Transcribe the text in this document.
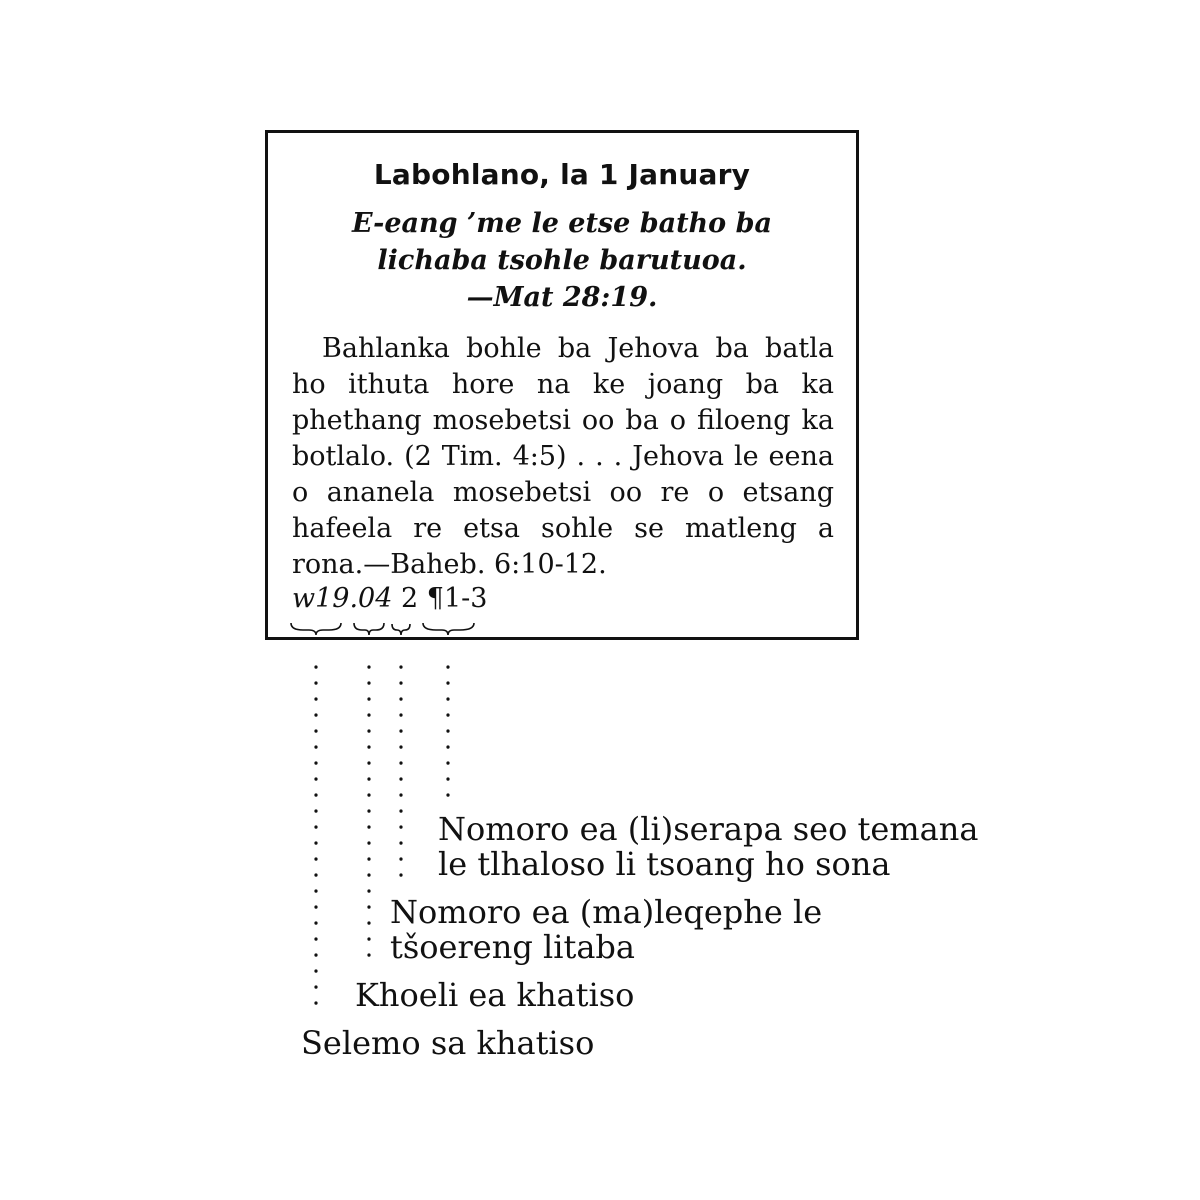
Labohlano, la 1 January
E-eang ’me le etse batho ba
lichaba tsohle barutuoa.
—Mat 28:19.
Bahlanka bohle ba Jehova ba batla ho ithuta hore na ke joang ba ka phethang mosebetsi oo ba o filoeng ka botlalo. (2 Tim. 4:5) . . . Jehova le eena o ananela mosebetsi oo re o etsang hafeela re etsa sohle se matleng a rona.—Baheb. 6:10-12.
w19.04 2 ¶1-3
Nomoro ea (li)serapa seo temana
le tlhaloso li tsoang ho sona
Nomoro ea (ma)leqephe le
tšoereng litaba
Khoeli ea khatiso
Selemo sa khatiso
